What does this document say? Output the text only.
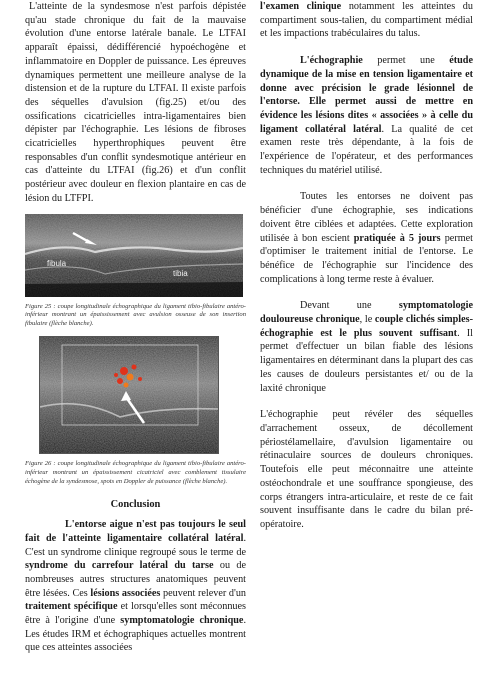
L'atteinte de la syndesmose n'est parfois dépistée qu'au stade chronique du fait de la mauvaise évolution d'une entorse latérale banale. Le LTFAI apparaît épaissi, dédifférencié hypoéchogène et inflammatoire en Doppler de puissance. Les épreuves dynamiques permettent une meilleure analyse de la distension et de la rupture du LTFAI. Il existe parfois des séquelles d'avulsion (fig.25) et/ou des ossifications cicatricielles intra-ligamentaires bien dépister par l'échographie. Les lésions de fibroses cicatricielles hyperthrophiques peuvent être responsables d'un conflit syndesmotique antérieur en cas d'atteinte du LTFAI (fig.26) et d'un conflit postérieur avec douleur en flexion plantaire en cas de lésion du LTFPI.

fibula
tibia
Figure 25 : coupe longitudinale échographique du ligament tibio-fibulaire antéro-inférieur montrant un épaississement avec avulsion osseuse de son insertion fibulaire (flèche blanche).
Figure 26 : coupe longitudinale échographique du ligament tibio-fibulaire antéro-inférieur montrant un épaississement cicatriciel avec comblement tissulaire échogène de la syndesmose, spots en Doppler de puissance (flèche blanche).
Conclusion

L'entorse aigue n'est pas toujours le seul fait de l'atteinte ligamentaire collatéral latéral. C'est un syndrome clinique regroupé sous le terme de syndrome du carrefour latéral du tarse ou de nombreuses autres structures anatomiques peuvent être lésées. Ces lésions associées peuvent relever d'un traitement spécifique et lorsqu'elles sont méconnues être à l'origine d'une symptomatologie chronique. Les études IRM et échographiques actuelles montrent que ces atteintes associées

l'examen clinique notamment les atteintes du compartiment sous-talien, du compartiment médial et les impactions trabéculaires du talus.

L'échographie permet une étude dynamique de la mise en tension ligamentaire et donne avec précision le grade lésionnel de l'entorse. Elle permet aussi de mettre en évidence les lésions dites « associées » à celle du ligament collatéral latéral. La qualité de cet examen reste très dépendante, à la fois de l'expérience de l'opérateur, et des performances techniques du matériel utilisé.

Toutes les entorses ne doivent pas bénéficier d'une échographie, ses indications doivent être ciblées et adaptées. Cette exploration utilisée à bon escient pratiquée à 5 jours permet d'optimiser le traitement initial de l'entorse. Le bénéfice de l'échographie sur l'incidence des complications à long terme reste à évaluer.

Devant une symptomatologie douloureuse chronique, le couple clichés simples-échographie est le plus souvent suffisant. Il permet d'effectuer un bilan fiable des lésions ligamentaires en déterminant dans la plupart des cas les causes de douleurs persistantes et/ ou de la laxité chronique

L'échographie peut révéler des séquelles d'arrachement osseux, de décollement périostélamellaire, d'avulsion ligamentaire ou rétinaculaire sources de douleurs chroniques. Toutefois elle peut méconnaitre une atteinte ostéochondrale et une souffrance spongieuse, des corps étrangers intra-articulaire, et reste de ce fait souvent insuffisante dans le cadre du bilan pré-opératoire.
